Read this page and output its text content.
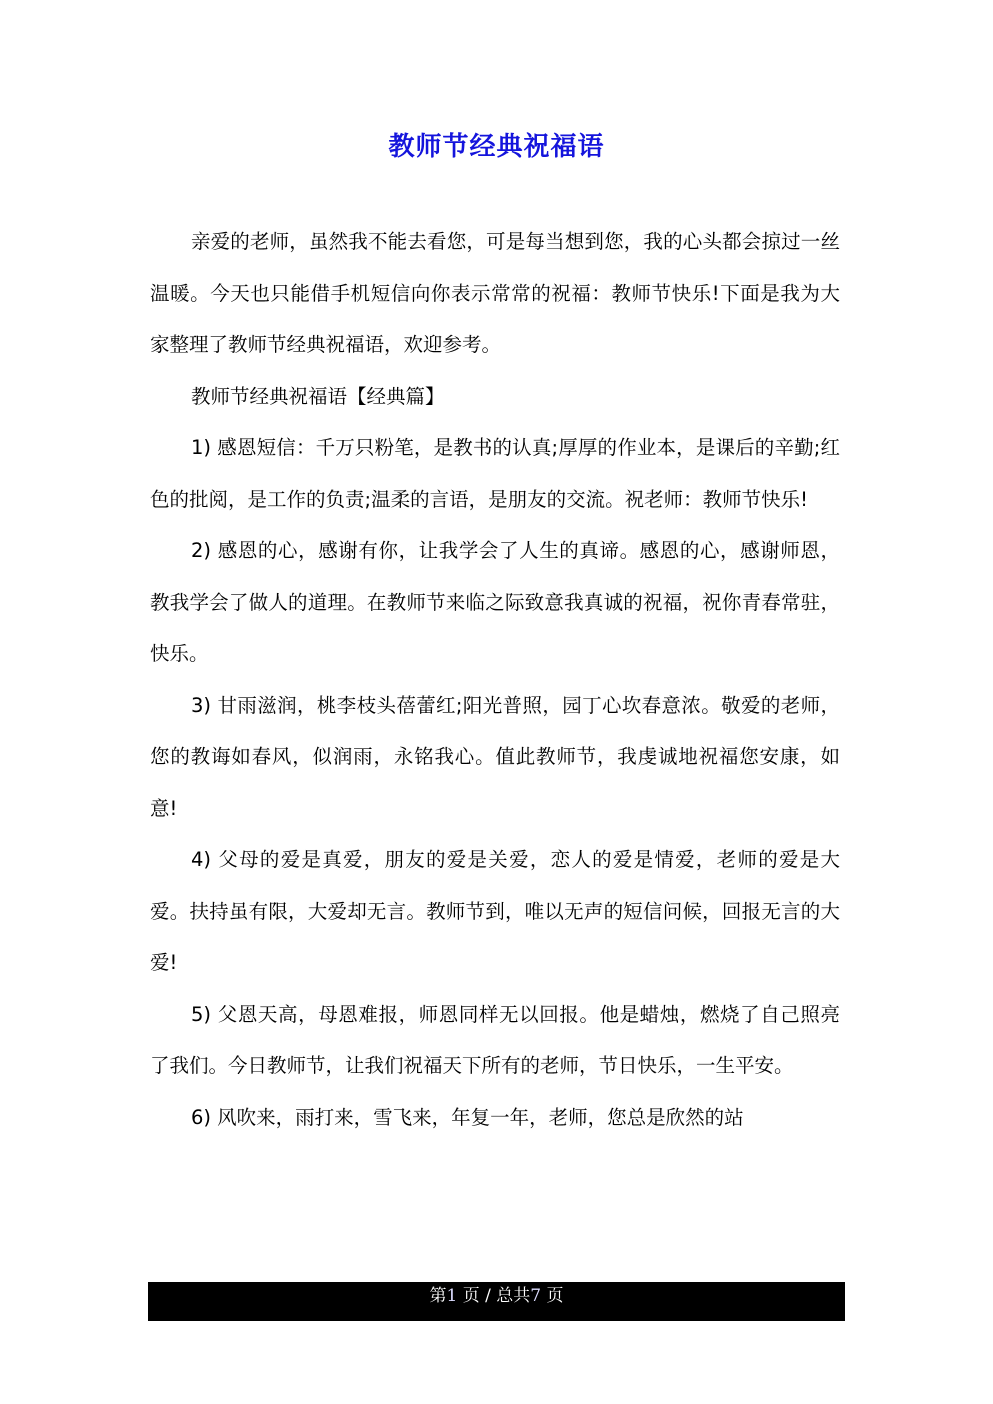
教师节经典祝福语

亲爱的老师，虽然我不能去看您，可是每当想到您，我的心头都会掠过一丝温暖。今天也只能借手机短信向你表示常常的祝福：教师节快乐!下面是我为大家整理了教师节经典祝福语，欢迎参考。

教师节经典祝福语【经典篇】

1) 感恩短信：千万只粉笔，是教书的认真;厚厚的作业本，是课后的辛勤;红色的批阅，是工作的负责;温柔的言语，是朋友的交流。祝老师：教师节快乐!

2) 感恩的心，感谢有你，让我学会了人生的真谛。感恩的心，感谢师恩，教我学会了做人的道理。在教师节来临之际致意我真诚的祝福，祝你青春常驻，快乐。

3) 甘雨滋润，桃李枝头蓓蕾红;阳光普照，园丁心坎春意浓。敬爱的老师，您的教诲如春风，似润雨，永铭我心。值此教师节，我虔诚地祝福您安康，如意!

4) 父母的爱是真爱，朋友的爱是关爱，恋人的爱是情爱，老师的爱是大爱。扶持虽有限，大爱却无言。教师节到，唯以无声的短信问候，回报无言的大爱!

5) 父恩天高，母恩难报，师恩同样无以回报。他是蜡烛，燃烧了自己照亮了我们。今日教师节，让我们祝福天下所有的老师，节日快乐，一生平安。

6) 风吹来，雨打来，雪飞来，年复一年，老师，您总是欣然的站

第1 页 / 总共7 页
